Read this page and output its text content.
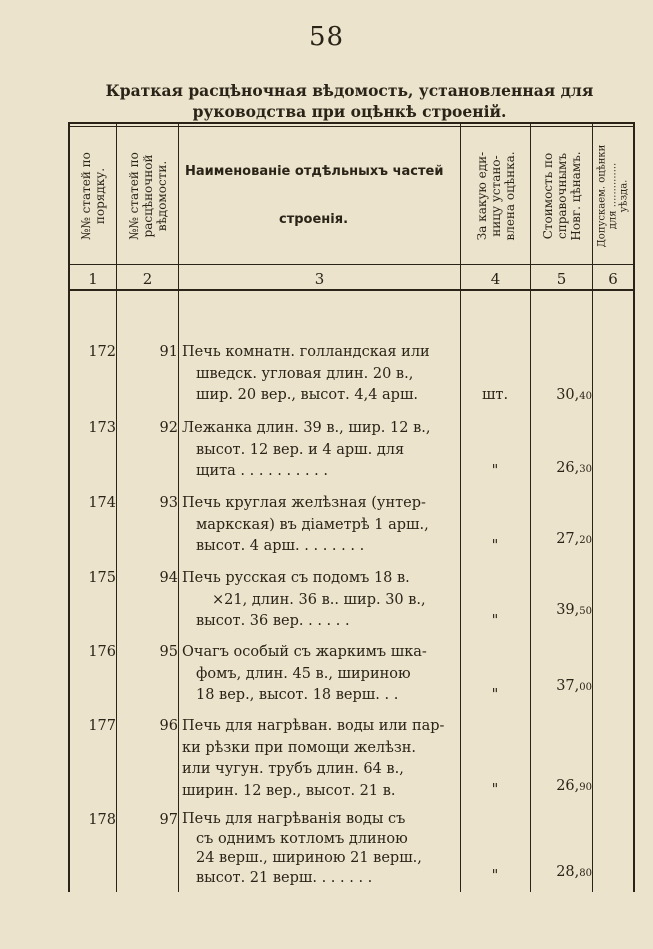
58
Краткая расцѣночная вѣдомость, установленная для руководства при оцѣнкѣ строеній.
№№ статей по
порядку. №№ статей по
расцѣночной
вѣдомости. Наименованіе отдѣльныхъ частей
строенія.	За какую еди-
ницу устано-
влена оцѣнка. Стоимость по
справочнымъ
Новг. цѣнамъ. Допускаем. оцѣнки
для ..............
уѣзда.
1	2	3	4	5	6
172	91 Печь комнатн. голландская или
шведск. угловая длин. 20 в.,
шир. 20 вер., высот. 4,4 арш.	шт.	30,40
173	92 Лежанка длин. 39 в., шир. 12 в.,
высот. 12 вер. и 4 арш. для
щита . . . . . . . . . .	"	26,30
174	93 Печь круглая желѣзная (унтер-
маркская) въ діаметрѣ 1 арш.,
высот. 4 арш. . . . . . . .	"	27,20
175	94 Печь русская съ подомъ 18 в.
×21, длин. 36 в.. шир. 30 в.,
высот. 36 вер. . . . . .	"
39,50
176	95 Очагъ особый съ жаркимъ шка-
фомъ, длин. 45 в., шириною
18 вер., высот. 18 верш. . .	"
37,00
177	96 Печь для нагрѣван. воды или пар-
ки рѣзки при помощи желѣзн.
или чугун. трубъ длин. 64 в.,
ширин. 12 вер., высот. 21 в.	"	26,90
178	97 Печь для нагрѣванія воды съ
съ однимъ котломъ длиною
24 верш., шириною 21 верш.,
высот. 21 верш. . . . . . .	"	28,80
